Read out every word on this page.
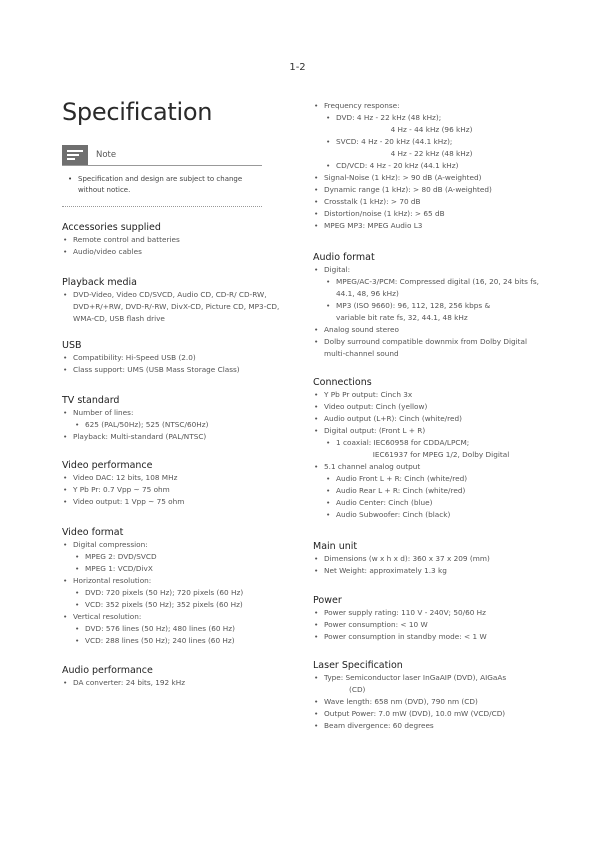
1-2
Specification
Note
• Specification and design are subject to change without notice.
Accessories supplied
• Remote control and batteries
• Audio/video cables
Playback media
• DVD-Video, Video CD/SVCD, Audio CD, CD-R/ CD-RW, DVD+R/+RW, DVD-R/-RW, DivX-CD, Picture CD, MP3-CD, WMA-CD, USB flash drive
USB
• Compatibility: Hi-Speed USB (2.0)
• Class support: UMS (USB Mass Storage Class)
TV standard
• Number of lines:
• 625 (PAL/50Hz); 525 (NTSC/60Hz)
• Playback: Multi-standard (PAL/NTSC)
Video performance
• Video DAC: 12 bits, 108 MHz
• Y Pb Pr: 0.7 Vpp ~ 75 ohm
• Video output: 1 Vpp ~ 75 ohm
Video format
• Digital compression:
• MPEG 2: DVD/SVCD
• MPEG 1: VCD/DivX
• Horizontal resolution:
• DVD: 720 pixels (50 Hz); 720 pixels (60 Hz)
• VCD: 352 pixels (50 Hz); 352 pixels (60 Hz)
• Vertical resolution:
• DVD: 576 lines (50 Hz); 480 lines (60 Hz)
• VCD: 288 lines (50 Hz); 240 lines (60 Hz)
Audio performance
• DA converter: 24 bits, 192 kHz
• Frequency response:
• DVD: 4 Hz - 22 kHz (48 kHz);
4 Hz - 44 kHz (96 kHz)
• SVCD: 4 Hz - 20 kHz (44.1 kHz);
4 Hz - 22 kHz (48 kHz)
• CD/VCD: 4 Hz - 20 kHz (44.1 kHz)
• Signal-Noise (1 kHz): > 90 dB (A-weighted)
• Dynamic range (1 kHz): > 80 dB (A-weighted)
• Crosstalk (1 kHz): > 70 dB
• Distortion/noise (1 kHz): > 65 dB
• MPEG MP3: MPEG Audio L3
Audio format
• Digital:
• MPEG/AC-3/PCM: Compressed digital (16, 20, 24 bits fs, 44.1, 48, 96 kHz)
• MP3 (ISO 9660): 96, 112, 128, 256 kbps &
variable bit rate fs, 32, 44.1, 48 kHz
• Analog sound stereo
• Dolby surround compatible downmix from Dolby Digital multi-channel sound
Connections
• Y Pb Pr output: Cinch 3x
• Video output: Cinch (yellow)
• Audio output (L+R): Cinch (white/red)
• Digital output: (Front L + R)
• 1 coaxial: IEC60958 for CDDA/LPCM;
IEC61937 for MPEG 1/2, Dolby Digital
• 5.1 channel analog output
• Audio Front L + R: Cinch (white/red)
• Audio Rear L + R: Cinch (white/red)
• Audio Center: Cinch (blue)
• Audio Subwoofer: Cinch (black)
Main unit
• Dimensions (w x h x d): 360 x 37 x 209 (mm)
• Net Weight: approximately 1.3 kg
Power
• Power supply rating: 110 V - 240V; 50/60 Hz
• Power consumption: < 10 W
• Power consumption in standby mode: < 1 W
Laser Specification
• Type: Semiconductor laser InGaAIP (DVD), AIGaAs
(CD)
• Wave length: 658 nm (DVD), 790 nm (CD)
• Output Power: 7.0 mW (DVD), 10.0 mW (VCD/CD)
• Beam divergence: 60 degrees
